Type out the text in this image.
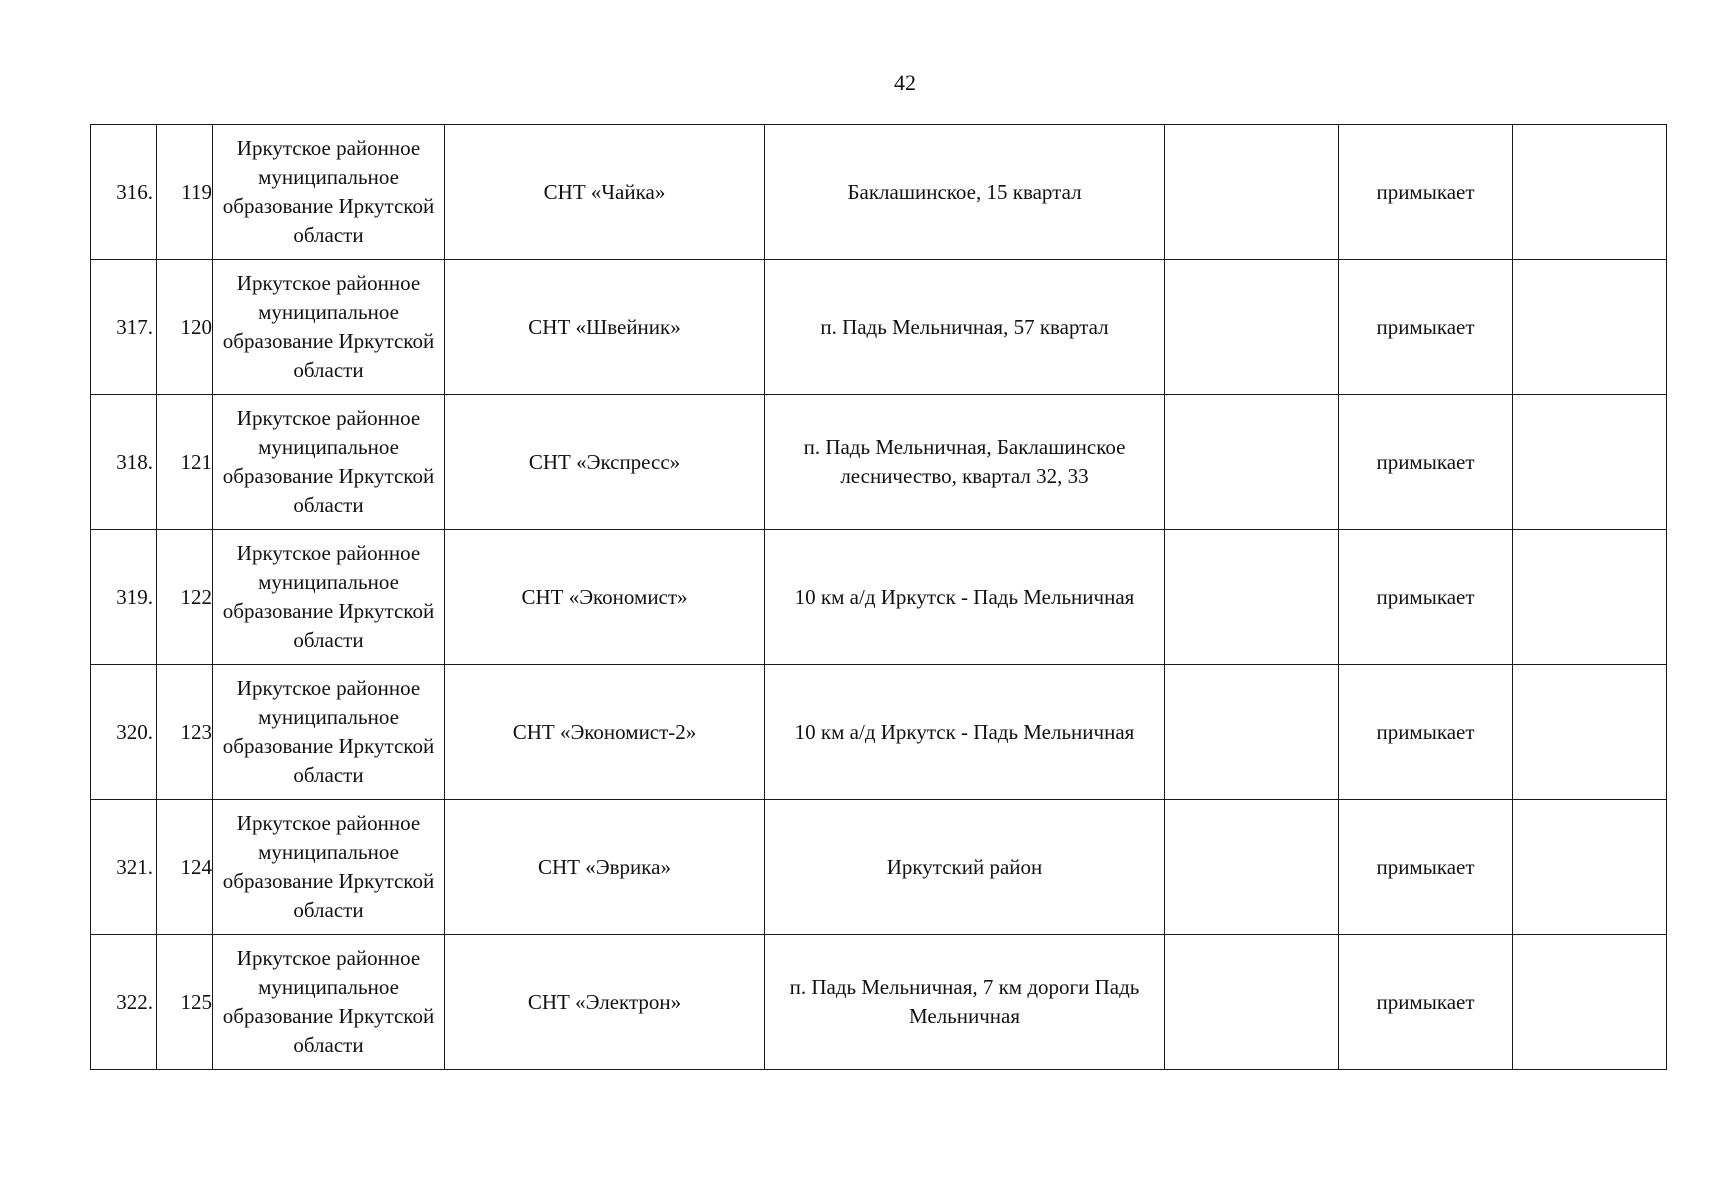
42
316.	119	Иркутское районное муниципальное образование Иркутской области	СНТ «Чайка»	Баклашинское, 15 квартал		примыкает	
317.	120	Иркутское районное муниципальное образование Иркутской области	СНТ «Швейник»	п. Падь Мельничная, 57 квартал		примыкает	
318.	121	Иркутское районное муниципальное образование Иркутской области	СНТ «Экспресс»	п. Падь Мельничная, Баклашинское лесничество, квартал 32, 33		примыкает	
319.	122	Иркутское районное муниципальное образование Иркутской области	СНТ «Экономист»	10 км а/д Иркутск - Падь Мельничная		примыкает	
320.	123	Иркутское районное муниципальное образование Иркутской области	СНТ «Экономист-2»	10 км а/д Иркутск - Падь Мельничная		примыкает	
321.	124	Иркутское районное муниципальное образование Иркутской области	СНТ «Эврика»	Иркутский район		примыкает	
322.	125	Иркутское районное муниципальное образование Иркутской области	СНТ «Электрон»	п. Падь Мельничная, 7 км дороги Падь Мельничная		примыкает	
